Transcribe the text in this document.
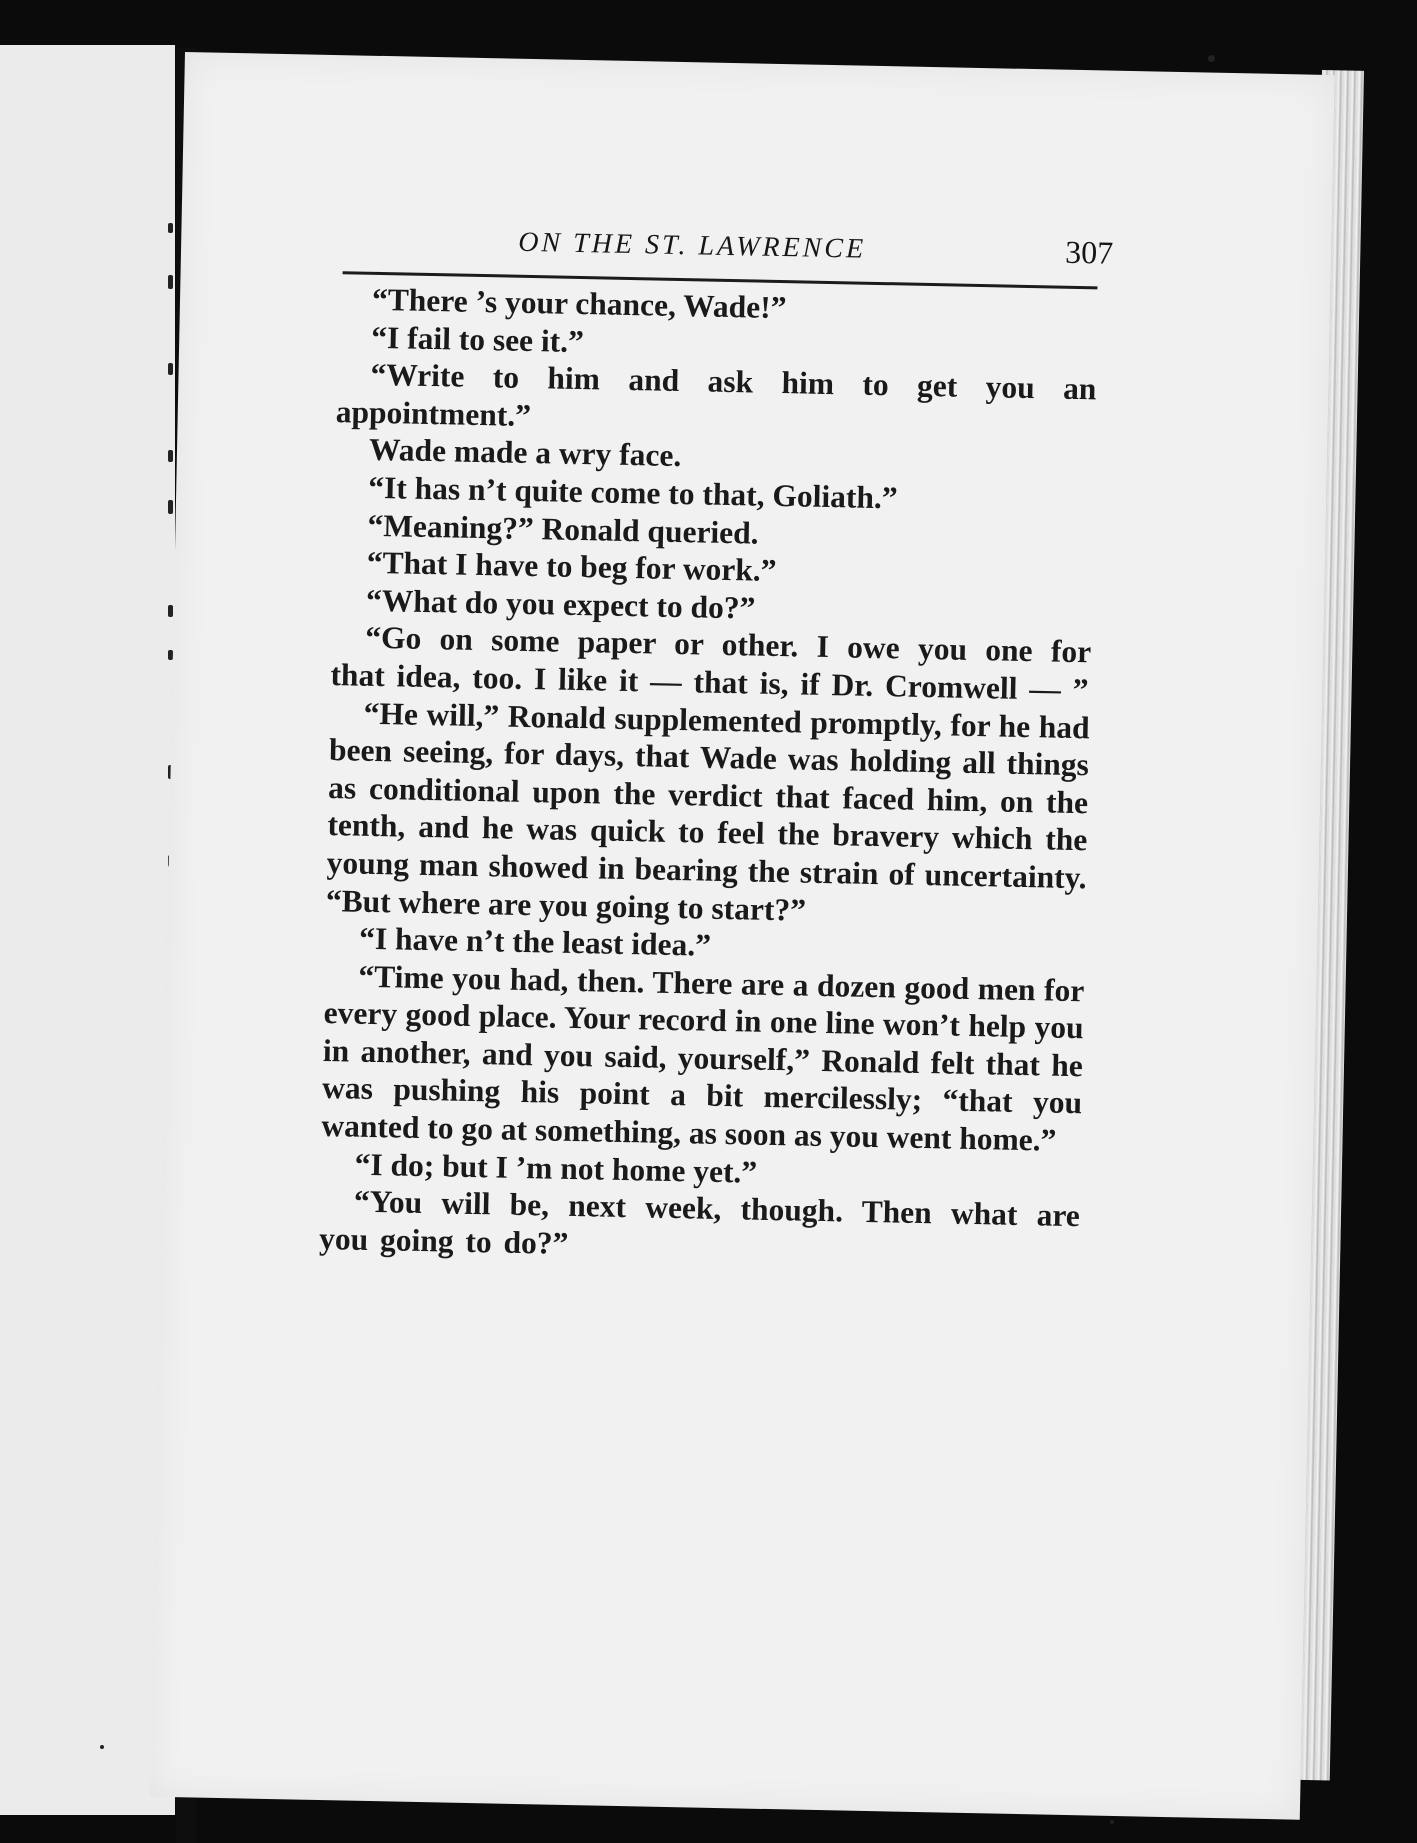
ON THE ST. LAWRENCE	307

“There ’s your chance, Wade!”

“I fail to see it.”

“Write to him and ask him to get you an appointment.”

Wade made a wry face.

“It has n’t quite come to that, Goliath.”

“Meaning?” Ronald queried.

“That I have to beg for work.”

“What do you expect to do?”

“Go on some paper or other. I owe you one for that idea, too. I like it — that is, if Dr. Cromwell — ”

“He will,” Ronald supplemented promptly, for he had been seeing, for days, that Wade was holding all things as conditional upon the verdict that faced him, on the tenth, and he was quick to feel the bravery which the young man showed in bearing the strain of uncertainty. “But where are you going to start?”

“I have n’t the least idea.”

“Time you had, then. There are a dozen good men for every good place. Your record in one line won’t help you in another, and you said, yourself,” Ronald felt that he was pushing his point a bit mercilessly; “that you wanted to go at something, as soon as you went home.”

“I do; but I ’m not home yet.”

“You will be, next week, though. Then what are you going to do?”
